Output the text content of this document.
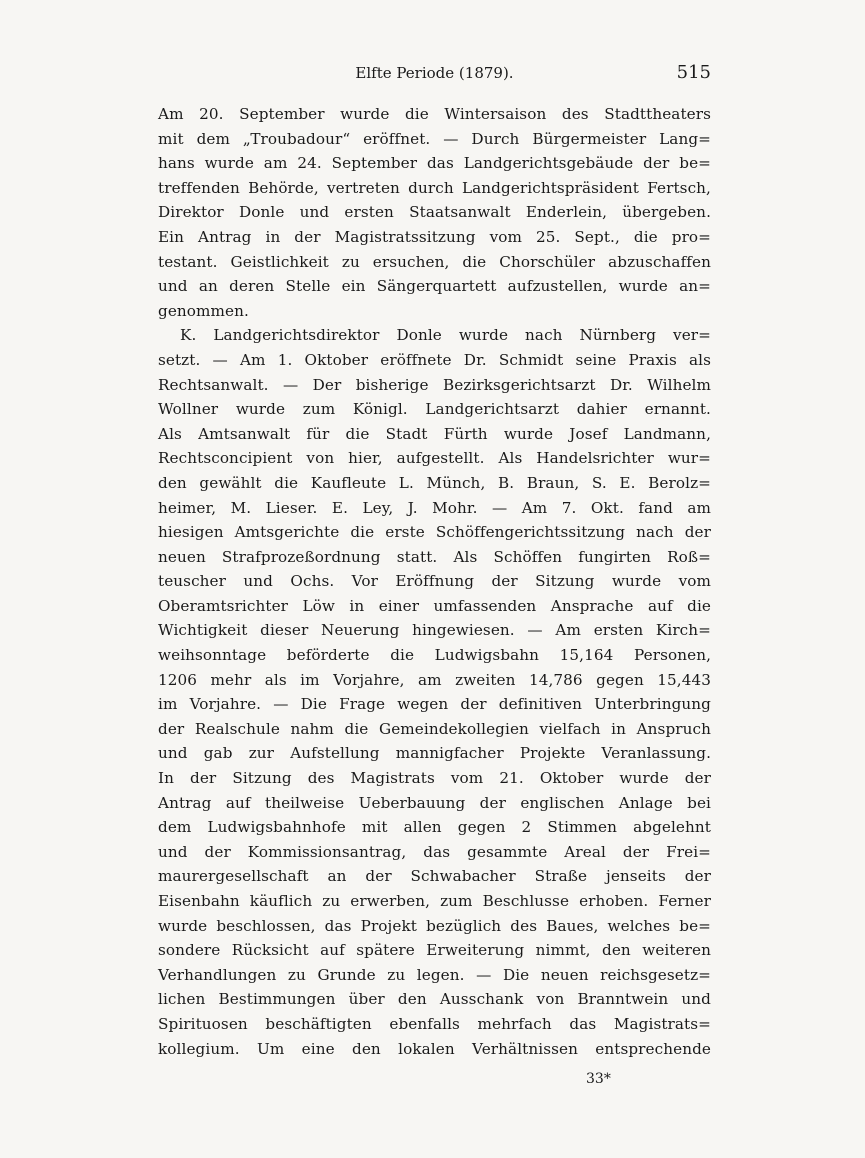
Elfte Periode (1879).	515
Am 20. September wurde die Wintersaison des Stadttheaters
mit dem „Troubadour“ eröffnet. — Durch Bürgermeister Lang=
hans wurde am 24. September das Landgerichtsgebäude der be=
treffenden Behörde, vertreten durch Landgerichtspräsident Fertsch,
Direktor Donle und ersten Staatsanwalt Enderlein, übergeben.
Ein Antrag in der Magistratssitzung vom 25. Sept., die pro=
testant. Geistlichkeit zu ersuchen, die Chorschüler abzuschaffen
und an deren Stelle ein Sängerquartett aufzustellen, wurde an=
genommen.
K. Landgerichtsdirektor Donle wurde nach Nürnberg ver=
setzt. — Am 1. Oktober eröffnete Dr. Schmidt seine Praxis als
Rechtsanwalt. — Der bisherige Bezirksgerichtsarzt Dr. Wilhelm
Wollner wurde zum Königl. Landgerichtsarzt dahier ernannt.
Als Amtsanwalt für die Stadt Fürth wurde Josef Landmann,
Rechtsconcipient von hier, aufgestellt. Als Handelsrichter wur=
den gewählt die Kaufleute L. Münch, B. Braun, S. E. Berolz=
heimer, M. Lieser. E. Ley, J. Mohr. — Am 7. Okt. fand am
hiesigen Amtsgerichte die erste Schöffengerichtssitzung nach der
neuen Strafprozeßordnung statt. Als Schöffen fungirten Roß=
teuscher und Ochs. Vor Eröffnung der Sitzung wurde vom
Oberamtsrichter Löw in einer umfassenden Ansprache auf die
Wichtigkeit dieser Neuerung hingewiesen. — Am ersten Kirch=
weihsonntage beförderte die Ludwigsbahn 15,164 Personen,
1206 mehr als im Vorjahre, am zweiten 14,786 gegen 15,443
im Vorjahre. — Die Frage wegen der definitiven Unterbringung
der Realschule nahm die Gemeindekollegien vielfach in Anspruch
und gab zur Aufstellung mannigfacher Projekte Veranlassung.
In der Sitzung des Magistrats vom 21. Oktober wurde der
Antrag auf theilweise Ueberbauung der englischen Anlage bei
dem Ludwigsbahnhofe mit allen gegen 2 Stimmen abgelehnt
und der Kommissionsantrag, das gesammte Areal der Frei=
maurergesellschaft an der Schwabacher Straße jenseits der
Eisenbahn käuflich zu erwerben, zum Beschlusse erhoben. Ferner
wurde beschlossen, das Projekt bezüglich des Baues, welches be=
sondere Rücksicht auf spätere Erweiterung nimmt, den weiteren
Verhandlungen zu Grunde zu legen. — Die neuen reichsgesetz=
lichen Bestimmungen über den Ausschank von Branntwein und
Spirituosen beschäftigten ebenfalls mehrfach das Magistrats=
kollegium. Um eine den lokalen Verhältnissen entsprechende
33*
